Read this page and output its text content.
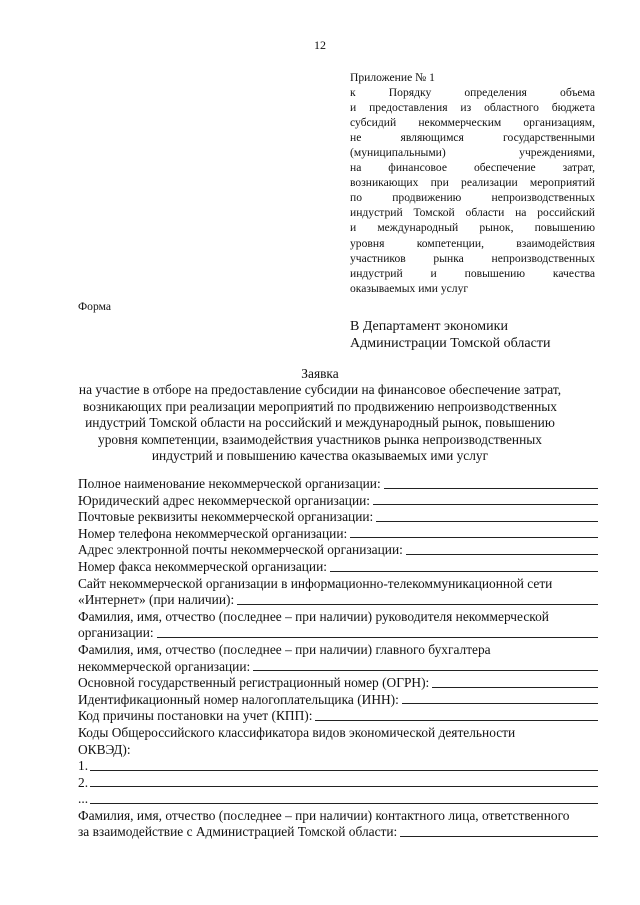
12
Приложение № 1
к Порядку определения объема
и предоставления из областного бюджета
субсидий некоммерческим организациям,
не являющимся государственными
(муниципальными) учреждениями,
на финансовое обеспечение затрат,
возникающих при реализации мероприятий
по продвижению непроизводственных
индустрий Томской области на российский
и международный рынок, повышению
уровня компетенции, взаимодействия
участников рынка непроизводственных
индустрий и повышению качества
оказываемых ими услуг
Форма
В Департамент экономики
Администрации Томской области
Заявка
на участие в отборе на предоставление субсидии на финансовое обеспечение затрат,
возникающих при реализации мероприятий по продвижению непроизводственных
индустрий Томской области на российский и международный рынок, повышению
уровня компетенции, взаимодействия участников рынка непроизводственных
индустрий и повышению качества оказываемых ими услуг
Полное наименование некоммерческой организации:
Юридический адрес некоммерческой организации:
Почтовые реквизиты некоммерческой организации:
Номер телефона некоммерческой организации:
Адрес электронной почты некоммерческой организации:
Номер факса некоммерческой организации:
Сайт некоммерческой организации в информационно-телекоммуникационной сети
«Интернет» (при наличии):
Фамилия, имя, отчество (последнее – при наличии) руководителя некоммерческой
организации:
Фамилия, имя, отчество (последнее – при наличии) главного бухгалтера
некоммерческой организации:
Основной государственный регистрационный номер (ОГРН):
Идентификационный номер налогоплательщика (ИНН):
Код причины постановки на учет (КПП):
Коды Общероссийского классификатора видов экономической деятельности
ОКВЭД):
1.
2.
...
Фамилия, имя, отчество (последнее – при наличии) контактного лица, ответственного
за взаимодействие с Администрацией Томской области:
